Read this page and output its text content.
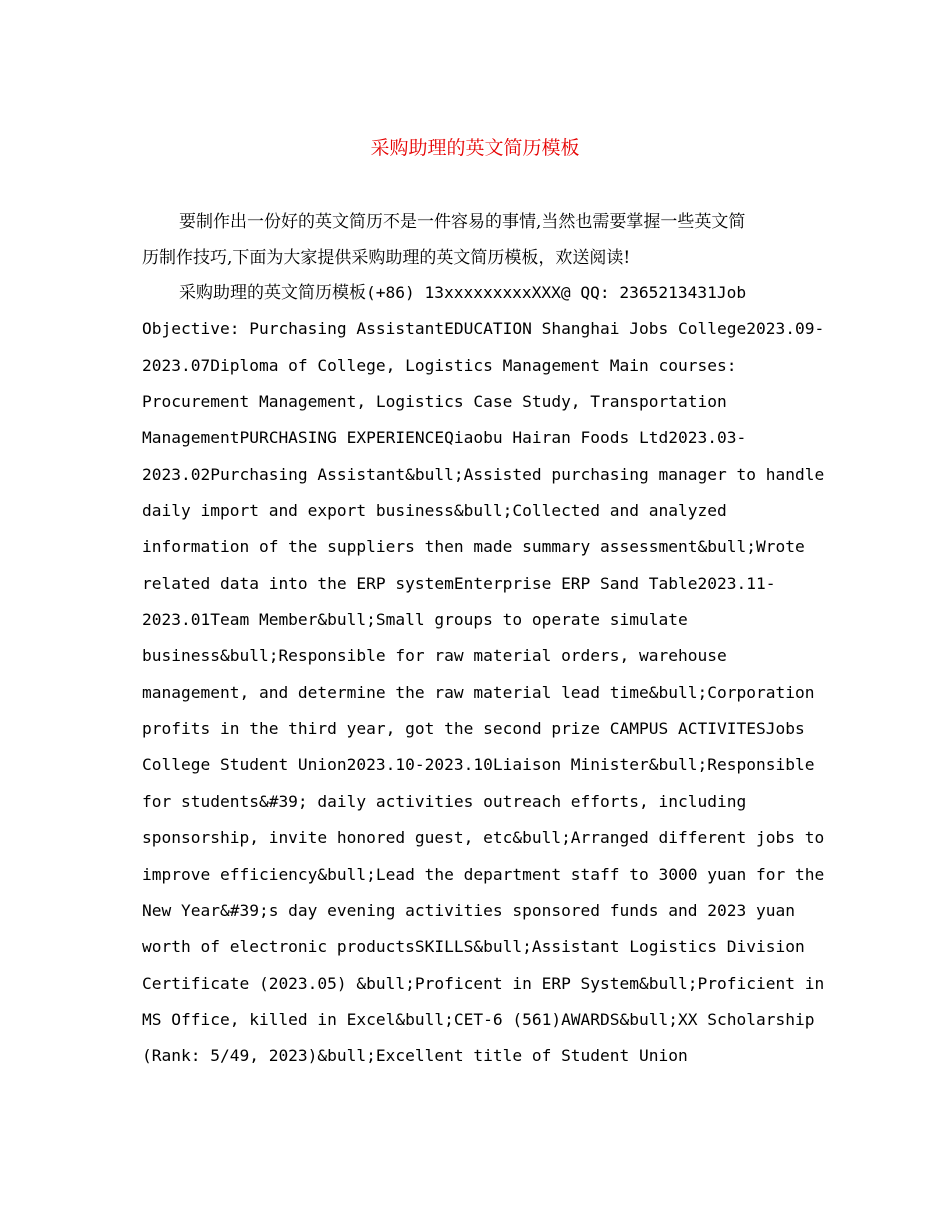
采购助理的英文简历模板

要制作出一份好的英文简历不是一件容易的事情,当然也需要掌握一些英文简
历制作技巧,下面为大家提供采购助理的英文简历模板，欢送阅读!

采购助理的英文简历模板(+86) 13xxxxxxxxxXXX@ QQ: 2365213431Job
Objective: Purchasing AssistantEDUCATION Shanghai Jobs College2023.09-
2023.07Diploma of College, Logistics Management Main courses:
Procurement Management, Logistics Case Study, Transportation
ManagementPURCHASING EXPERIENCEQiaobu Hairan Foods Ltd2023.03-
2023.02Purchasing Assistant&bull;Assisted purchasing manager to handle
daily import and export business&bull;Collected and analyzed
information of the suppliers then made summary assessment&bull;Wrote
related data into the ERP systemEnterprise ERP Sand Table2023.11-
2023.01Team Member&bull;Small groups to operate simulate
business&bull;Responsible for raw material orders, warehouse
management, and determine the raw material lead time&bull;Corporation
profits in the third year, got the second prize CAMPUS ACTIVITESJobs
College Student Union2023.10-2023.10Liaison Minister&bull;Responsible
for students&#39; daily activities outreach efforts, including
sponsorship, invite honored guest, etc&bull;Arranged different jobs to
improve efficiency&bull;Lead the department staff to 3000 yuan for the
New Year&#39;s day evening activities sponsored funds and 2023 yuan
worth of electronic productsSKILLS&bull;Assistant Logistics Division
Certificate (2023.05) &bull;Proficent in ERP System&bull;Proficient in
MS Office, killed in Excel&bull;CET-6 (561)AWARDS&bull;XX Scholarship
(Rank: 5/49, 2023)&bull;Excellent title of Student Union
